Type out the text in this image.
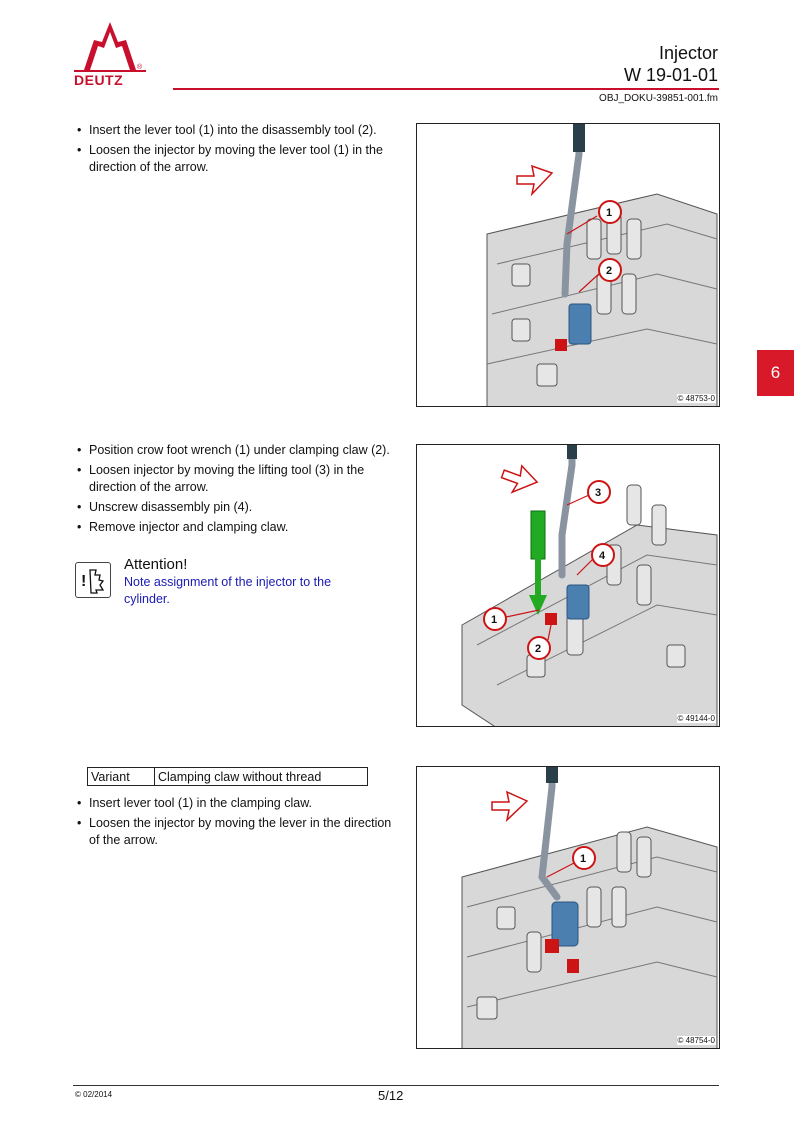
DEUTZ
®
Injector
W 19-01-01
OBJ_DOKU-39851-001.fm
6
• Insert the lever tool (1) into the disassembly tool (2).
• Loosen the injector by moving the lever tool (1) in the direction of the arrow.
1
2
© 48753-0
• Position crow foot wrench (1) under clamping claw (2).
• Loosen injector by moving the lifting tool (3) in the direction of the arrow.
• Unscrew disassembly pin (4).
• Remove injector and clamping claw.
!
Attention!
Note assignment of the injector to the cylinder.
3
4
1
2
© 49144-0
Variant	Clamping claw without thread
• Insert lever tool (1) in the clamping claw.
• Loosen the injector by moving the lever in the direction of the arrow.
1
© 48754-0
© 02/2014	5/12
